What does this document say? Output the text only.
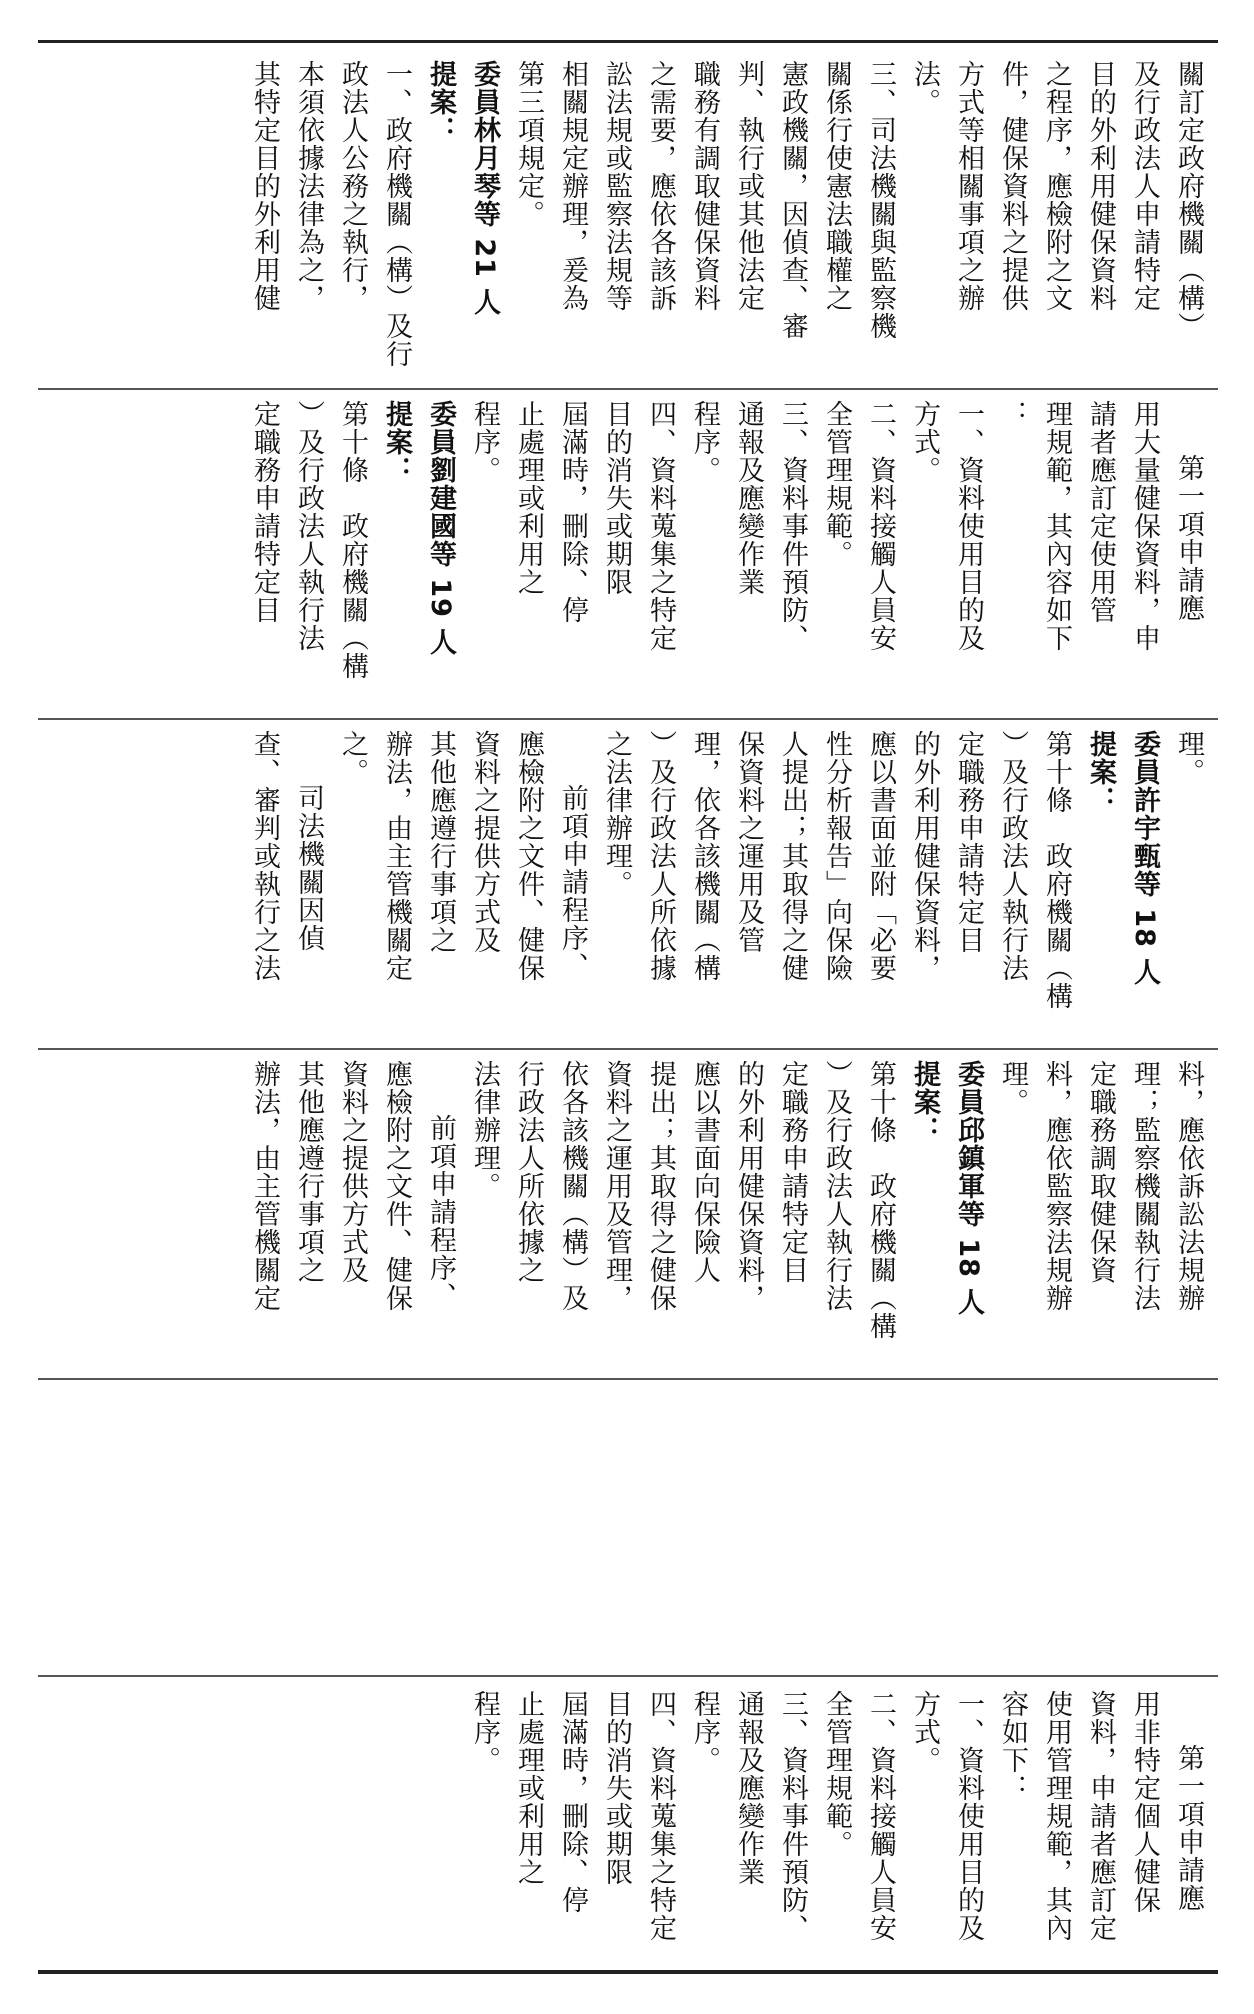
關訂定政府機關（構）

及行政法人申請特定

目的外利用健保資料

之程序，應檢附之文

件，健保資料之提供

方式等相關事項之辦

法。

三、司法機關與監察機

關係行使憲法職權之

憲政機關，因偵查、審

判、執行或其他法定

職務有調取健保資料

之需要，應依各該訴

訟法規或監察法規等

相關規定辦理，爰為

第三項規定。

委員林月琴等 21 人

提案：

一、政府機關（構）及行

政法人公務之執行，

本須依據法律為之，

其特定目的外利用健

第一項申請應

用大量健保資料，申

請者應訂定使用管

理規範，其內容如下

：

一、資料使用目的及

方式。

二、資料接觸人員安

全管理規範。

三、資料事件預防、

通報及應變作業

程序。

四、資料蒐集之特定

目的消失或期限

屆滿時，刪除、停

止處理或利用之

程序。

委員劉建國等 19 人

提案：

第十條　政府機關（構

）及行政法人執行法

定職務申請特定目

理。

委員許宇甄等 18 人

提案：

第十條　政府機關（構

）及行政法人執行法

定職務申請特定目

的外利用健保資料，

應以書面並附「必要

性分析報告」向保險

人提出；其取得之健

保資料之運用及管

理，依各該機關（構

）及行政法人所依據

之法律辦理。

前項申請程序、

應檢附之文件、健保

資料之提供方式及

其他應遵行事項之

辦法，由主管機關定

之。

司法機關因偵

查、審判或執行之法

料，應依訴訟法規辦

理；監察機關執行法

定職務調取健保資

料，應依監察法規辦

理。

委員邱鎮軍等 18 人

提案：

第十條　政府機關（構

）及行政法人執行法

定職務申請特定目

的外利用健保資料，

應以書面向保險人

提出；其取得之健保

資料之運用及管理，

依各該機關（構）及

行政法人所依據之

法律辦理。

前項申請程序、

應檢附之文件、健保

資料之提供方式及

其他應遵行事項之

辦法，由主管機關定

第一項申請應

用非特定個人健保

資料，申請者應訂定

使用管理規範，其內

容如下：

一、資料使用目的及

方式。

二、資料接觸人員安

全管理規範。

三、資料事件預防、

通報及應變作業

程序。

四、資料蒐集之特定

目的消失或期限

屆滿時，刪除、停

止處理或利用之

程序。
